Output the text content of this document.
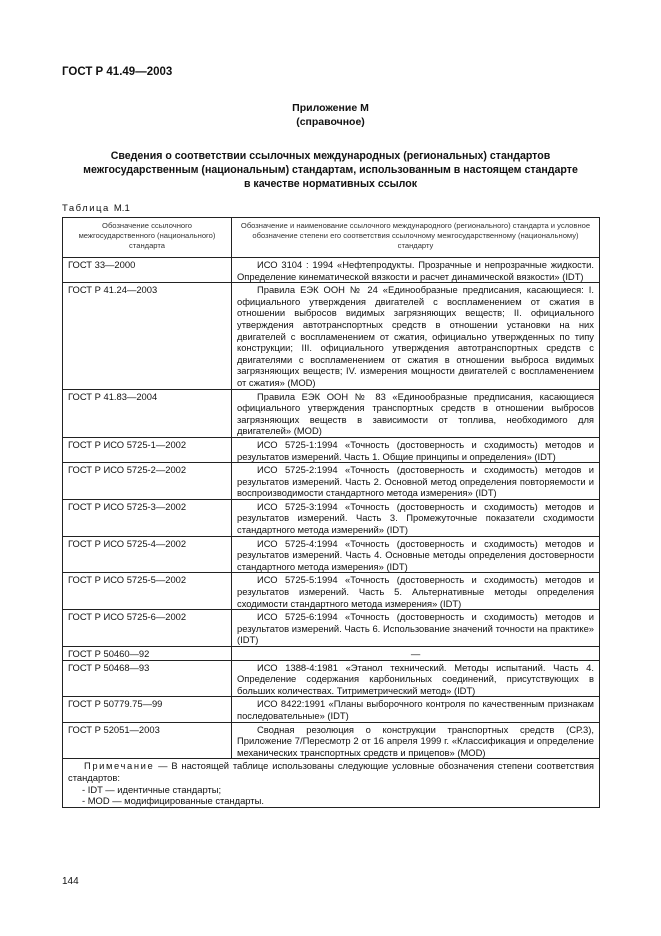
ГОСТ Р 41.49—2003
Приложение М
(справочное)
Сведения о соответствии ссылочных международных (региональных) стандартов
межгосударственным (национальным) стандартам, использованным в настоящем стандарте
в качестве нормативных ссылок
Таблица М.1
Обозначение ссылочного межгосударственного (национального) стандарта	Обозначение и наименование ссылочного международного (регионального) стандарта и условное обозначение степени его соответствия ссылочному межгосударственному (национальному) стандарту
ГОСТ 33—2000	ИСО 3104 : 1994 «Нефтепродукты. Прозрачные и непрозрачные жидкости. Определение кинематической вязкости и расчет динамической вязкости» (IDT)

ГОСТ Р 41.24—2003	Правила ЕЭК ООН № 24 «Единообразные предписания, касающиеся: I. официального утверждения двигателей с воспламенением от сжатия в отношении выбросов видимых загрязняющих веществ; II. официального утверждения автотранспортных средств в отношении установки на них двигателей с воспламенением от сжатия, официально утвержденных по типу конструкции; III. официального утверждения автотранспортных средств с двигателями с воспламенением от сжатия в отношении выброса видимых загрязняющих веществ; IV. измерения мощности двигателей с воспламенением от сжатия» (MOD)

ГОСТ Р 41.83—2004	Правила ЕЭК ООН № 83 «Единообразные предписания, касающиеся официального утверждения транспортных средств в отношении выбросов загрязняющих веществ в зависимости от топлива, необходимого для двигателей» (MOD)

ГОСТ Р ИСО 5725-1—2002	ИСО 5725-1:1994 «Точность (достоверность и сходимость) методов и результатов измерений. Часть 1. Общие принципы и определения» (IDT)

ГОСТ Р ИСО 5725-2—2002	ИСО 5725-2:1994 «Точность (достоверность и сходимость) методов и результатов измерений. Часть 2. Основной метод определения повторяемости и воспроизводимости стандартного метода измерения» (IDT)

ГОСТ Р ИСО 5725-3—2002	ИСО 5725-3:1994 «Точность (достоверность и сходимость) методов и результатов измерений. Часть 3. Промежуточные показатели сходимости стандартного метода измерений» (IDT)

ГОСТ Р ИСО 5725-4—2002	ИСО 5725-4:1994 «Точность (достоверность и сходимость) методов и результатов измерений. Часть 4. Основные методы определения достоверности стандартного метода измерения» (IDT)

ГОСТ Р ИСО 5725-5—2002	ИСО 5725-5:1994 «Точность (достоверность и сходимость) методов и результатов измерений. Часть 5. Альтернативные методы определения сходимости стандартного метода измерения» (IDT)

ГОСТ Р ИСО 5725-6—2002	ИСО 5725-6:1994 «Точность (достоверность и сходимость) методов и результатов измерений. Часть 6. Использование значений точности на практике» (IDT)

ГОСТ Р 50460—92	—
ГОСТ Р 50468—93	ИСО 1388-4:1981 «Этанол технический. Методы испытаний. Часть 4. Определение содержания карбонильных соединений, присутствующих в больших количествах. Титриметрический метод» (IDT)

ГОСТ Р 50779.75—99	ИСО 8422:1991 «Планы выборочного контроля по качественным признакам последовательные» (IDT)

ГОСТ Р 52051—2003	Сводная резолюция о конструкции транспортных средств (СР.3), Приложение 7/Пересмотр 2 от 16 апреля 1999 г. «Классификация и определение механических транспортных средств и прицепов» (MOD)

Примечание — В настоящей таблице использованы следующие условные обозначения степени соответствия стандартов:
- IDT — идентичные стандарты;
- MOD — модифицированные стандарты.	
144
